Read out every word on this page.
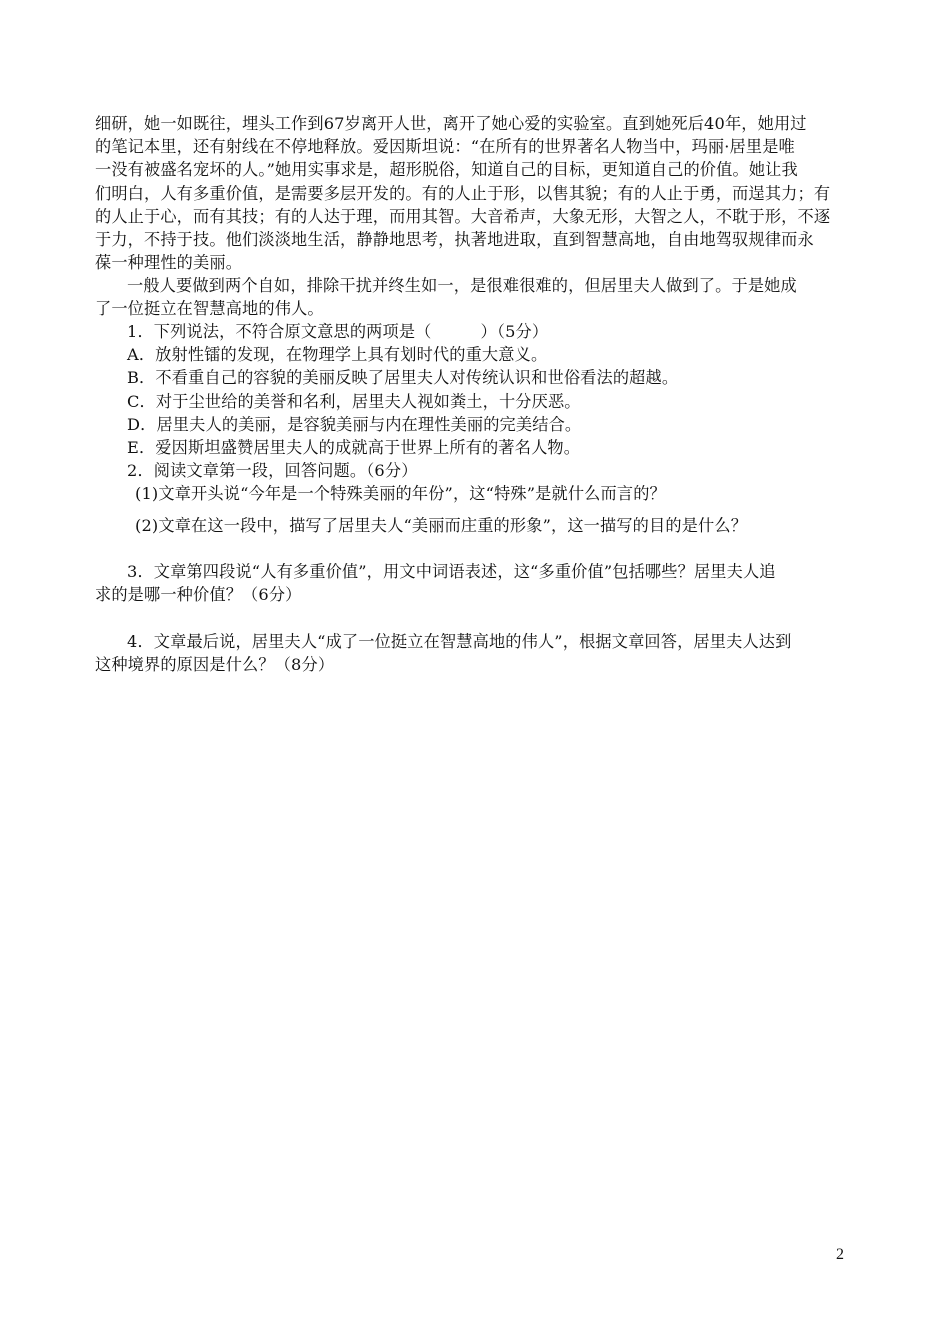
细研，她一如既往，埋头工作到67岁离开人世，离开了她心爱的实验室。直到她死后40年，她用过
的笔记本里，还有射线在不停地释放。爱因斯坦说：“在所有的世界著名人物当中，玛丽·居里是唯
一没有被盛名宠坏的人。”她用实事求是，超形脱俗，知道自己的目标，更知道自己的价值。她让我
们明白，人有多重价值，是需要多层开发的。有的人止于形，以售其貌；有的人止于勇，而逞其力；有
的人止于心，而有其技；有的人达于理，而用其智。大音希声，大象无形，大智之人，不耽于形，不逐
于力，不持于技。他们淡淡地生活，静静地思考，执著地进取，直到智慧高地，自由地驾驭规律而永
葆一种理性的美丽。
一般人要做到两个自如，排除干扰并终生如一，是很难很难的，但居里夫人做到了。于是她成
了一位挺立在智慧高地的伟人。
1．下列说法，不符合原文意思的两项是（　　　）（5分）
A．放射性镭的发现，在物理学上具有划时代的重大意义。
B．不看重自己的容貌的美丽反映了居里夫人对传统认识和世俗看法的超越。
C．对于尘世给的美誉和名利，居里夫人视如粪土，十分厌恶。
D．居里夫人的美丽，是容貌美丽与内在理性美丽的完美结合。
E．爱因斯坦盛赞居里夫人的成就高于世界上所有的著名人物。
2．阅读文章第一段，回答问题。（6分）
(1)文章开头说“今年是一个特殊美丽的年份”，这“特殊”是就什么而言的？
(2)文章在这一段中，描写了居里夫人“美丽而庄重的形象”，这一描写的目的是什么？
3．文章第四段说“人有多重价值”，用文中词语表述，这“多重价值”包括哪些？居里夫人追
求的是哪一种价值？（6分）
4．文章最后说，居里夫人“成了一位挺立在智慧高地的伟人”，根据文章回答，居里夫人达到
这种境界的原因是什么？（8分）
2
